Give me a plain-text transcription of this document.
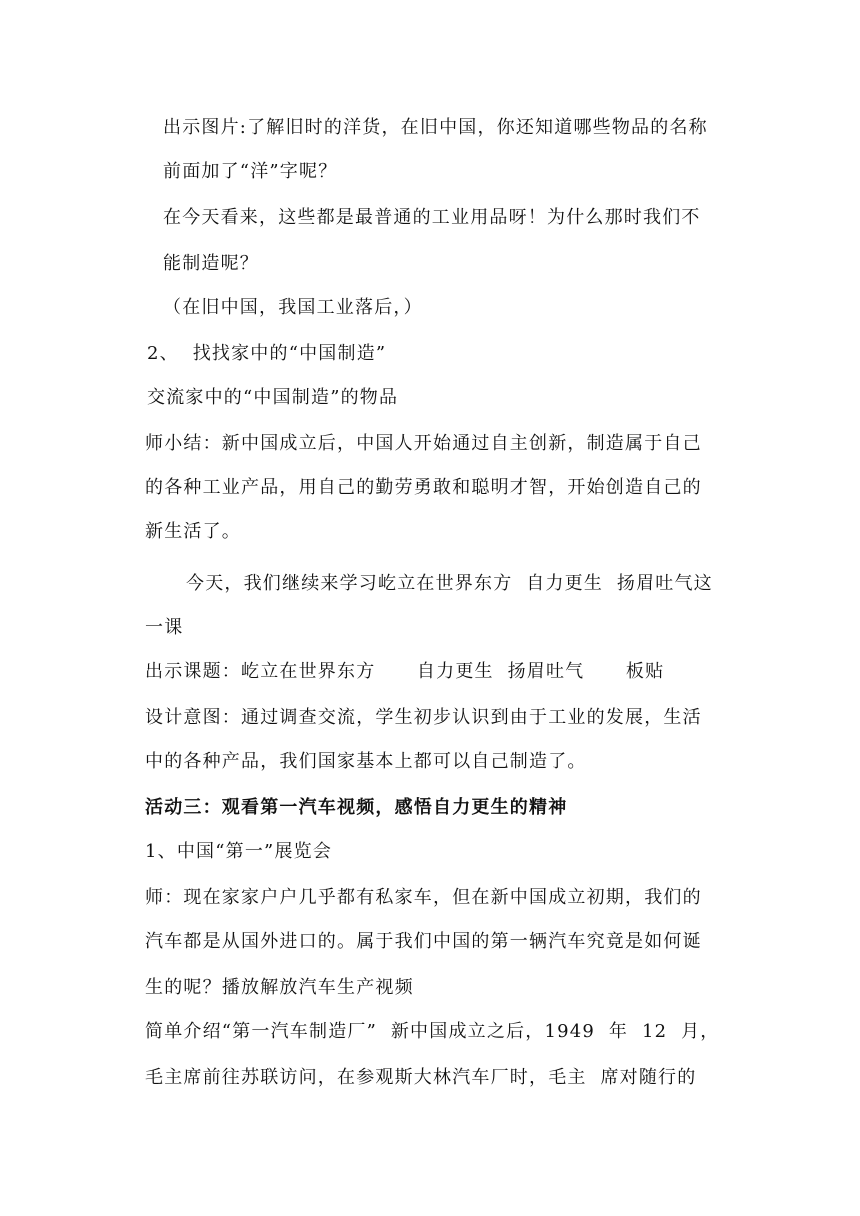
出示图片:了解旧时的洋货，在旧中国，你还知道哪些物品的名称
前面加了“洋”字呢？
在今天看来，这些都是最普通的工业用品呀！为什么那时我们不
能制造呢？
（在旧中国，我国工业落后，）
2、  找找家中的“中国制造”
交流家中的“中国制造”的物品
师小结：新中国成立后，中国人开始通过自主创新，制造属于自己
的各种工业产品，用自己的勤劳勇敢和聪明才智，开始创造自己的
新生活了。
今天，我们继续来学习屹立在世界东方  自力更生  扬眉吐气这
一课
出示课题：屹立在世界东方      自力更生  扬眉吐气      板贴
设计意图：通过调查交流，学生初步认识到由于工业的发展，生活
中的各种产品，我们国家基本上都可以自己制造了。
活动三：观看第一汽车视频，感悟自力更生的精神
1、中国“第一”展览会
师：现在家家户户几乎都有私家车，但在新中国成立初期，我们的
汽车都是从国外进口的。属于我们中国的第一辆汽车究竟是如何诞
生的呢？播放解放汽车生产视频
简单介绍“第一汽车制造厂”  新中国成立之后，1949  年  12  月，
毛主席前往苏联访问，在参观斯大林汽车厂时，毛主  席对随行的
